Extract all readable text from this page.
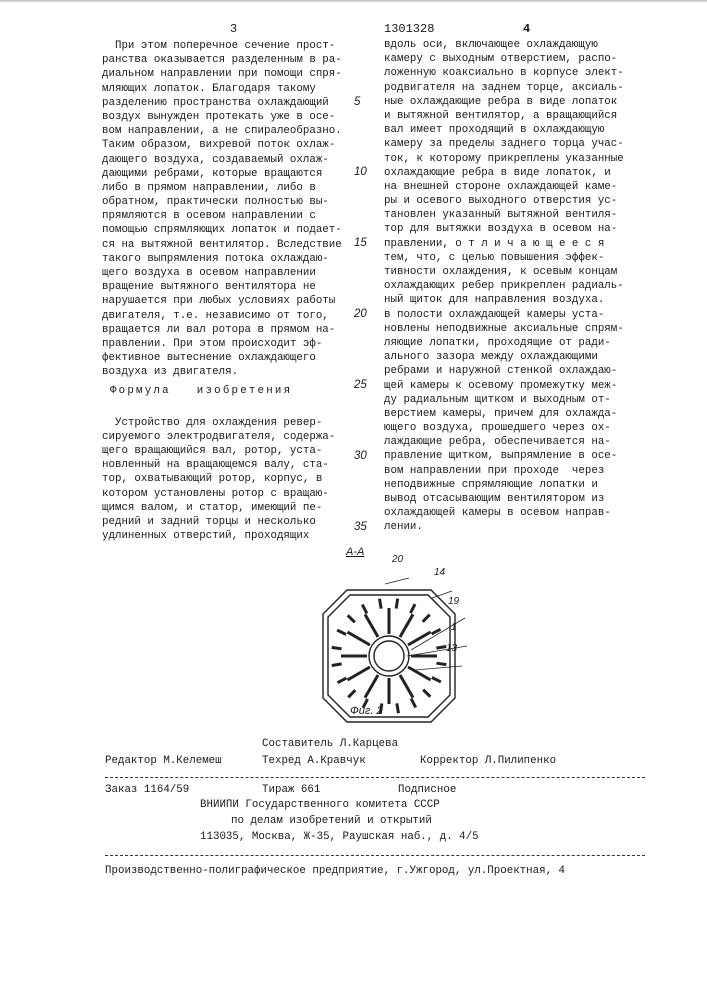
3	1301328	4
При этом поперечное сечение прост-
ранства оказывается разделенным в ра-
диальном направлении при помощи спря-
мляющих лопаток. Благодаря такому
разделению пространства охлаждающий
воздух вынужден протекать уже в осе-
вом направлении, а не спиралеобразно.
Таким образом, вихревой поток охлаж-
дающего воздуха, создаваемый охлаж-
дающими ребрами, которые вращаются
либо в прямом направлении, либо в
обратном, практически полностью вы-
прямляются в осевом направлении с
помощью спрямляющих лопаток и подает-
ся на вытяжной вентилятор. Вследствие
такого выпрямления потока охлаждаю-
щего воздуха в осевом направлении
вращение вытяжного вентилятора не
нарушается при любых условиях работы
двигателя, т.е. независимо от того,
вращается ли вал ротора в прямом на-
правлении. При этом происходит эф-
фективное вытеснение охлаждающего
воздуха из двигателя.
Формула   изобретения
Устройство для охлаждения ревер-
сируемого электродвигателя, содержа-
щего вращающийся вал, ротор, уста-
новленный на вращающемся валу, ста-
тор, охватывающий ротор, корпус, в
котором установлены ротор с вращаю-
щимся валом, и статор, имеющий пе-
редний и задний торцы и несколько
удлиненных отверстий, проходящих
вдоль оси, включающее охлаждающую
камеру с выходным отверстием, распо-
ложенную коаксиально в корпусе элект-
родвигателя на заднем торце, аксиаль-
ные охлаждающие ребра в виде лопаток
и вытяжной вентилятор, а вращающийся
вал имеет проходящий в охлаждающую
камеру за пределы заднего торца учас-
ток, к которому прикреплены указанные
охлаждающие ребра в виде лопаток, и
на внешней стороне охлаждающей каме-
ры и осевого выходного отверстия ус-
тановлен указанный вытяжной вентиля-
тор для вытяжки воздуха в осевом на-
правлении, о т л и ч а ю щ е е с я
тем, что, с целью повышения эффек-
тивности охлаждения, к осевым концам
охлаждающих ребер прикреплен радиаль-
ный щиток для направления воздуха.
в полости охлаждающей камеры уста-
новлены неподвижные аксиальные спрям-
ляющие лопатки, проходящие от ради-
ального зазора между охлаждающими
ребрами и наружной стенкой охлаждаю-
щей камеры к осевому промежутку меж-
ду радиальным щитком и выходным от-
верстием камеры, причем для охлажда-
ющего воздуха, прошедшего через ох-
лаждающие ребра, обеспечивается на-
правление щитком, выпрямление в осе-
вом направлении при проходе  через
неподвижные спрямляющие лопатки и
вывод отсасывающим вентилятором из
охлаждающей камеры в осевом направ-
лении.
5
10
15
20
25
30
35

А-А

20

14

19

1

13

Фиг. 2

Составитель Л.Карцева
Редактор М.Келемеш	Техред А.Кравчук	Корректор Л.Пилипенко
Заказ 1164/59	Тираж 661	Подписное
ВНИИПИ Государственного комитета СССР
по делам изобретений и открытий
113035, Москва, Ж-35, Раушская наб., д. 4/5
Производственно-полиграфическое предприятие, г.Ужгород, ул.Проектная, 4
